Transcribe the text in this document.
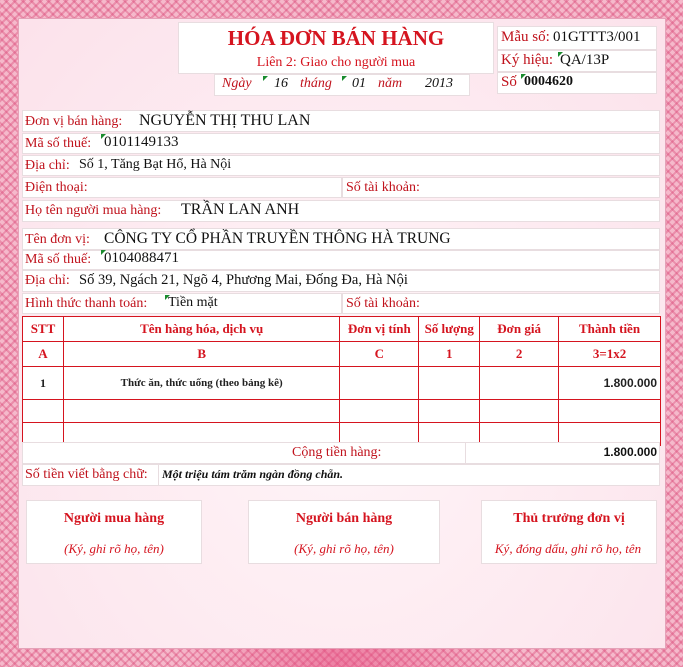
HÓA ĐƠN BÁN HÀNG
Liên 2: Giao cho người mua
Ngày	16 tháng	01 năm	2013
Mẫu số: 01GTTT3/001
Ký hiệu: QA/13P
Số 0004620
Đơn vị bán hàng: NGUYỄN THỊ THU LAN
Mã số thuế: 0101149133
Địa chỉ: Số 1, Tăng Bạt Hổ, Hà Nội
Điện thoại:	Số tài khoản:
Họ tên người mua hàng: TRẦN LAN ANH
Tên đơn vị: CÔNG TY CỔ PHẦN TRUYỀN THÔNG HÀ TRUNG
Mã số thuế: 0104088471
Địa chỉ: Số 39, Ngách 21, Ngõ 4, Phương Mai, Đống Đa, Hà Nội
Hình thức thanh toán: Tiền mặt	Số tài khoản:
STT	Tên hàng hóa, dịch vụ	Đơn vị tính	Số lượng	Đơn giá	Thành tiền
A	B	C	1	2	3=1x2
1	Thức ăn, thức uống (theo bảng kê)				1.800.000

Cộng tiền hàng:	1.800.000
Số tiền viết bằng chữ: Một triệu tám trăm ngàn đồng chẵn.
Người mua hàng
(Ký, ghi rõ họ, tên)
Người bán hàng
(Ký, ghi rõ họ, tên)
Thủ trưởng đơn vị
Ký, đóng dấu, ghi rõ họ, tên
